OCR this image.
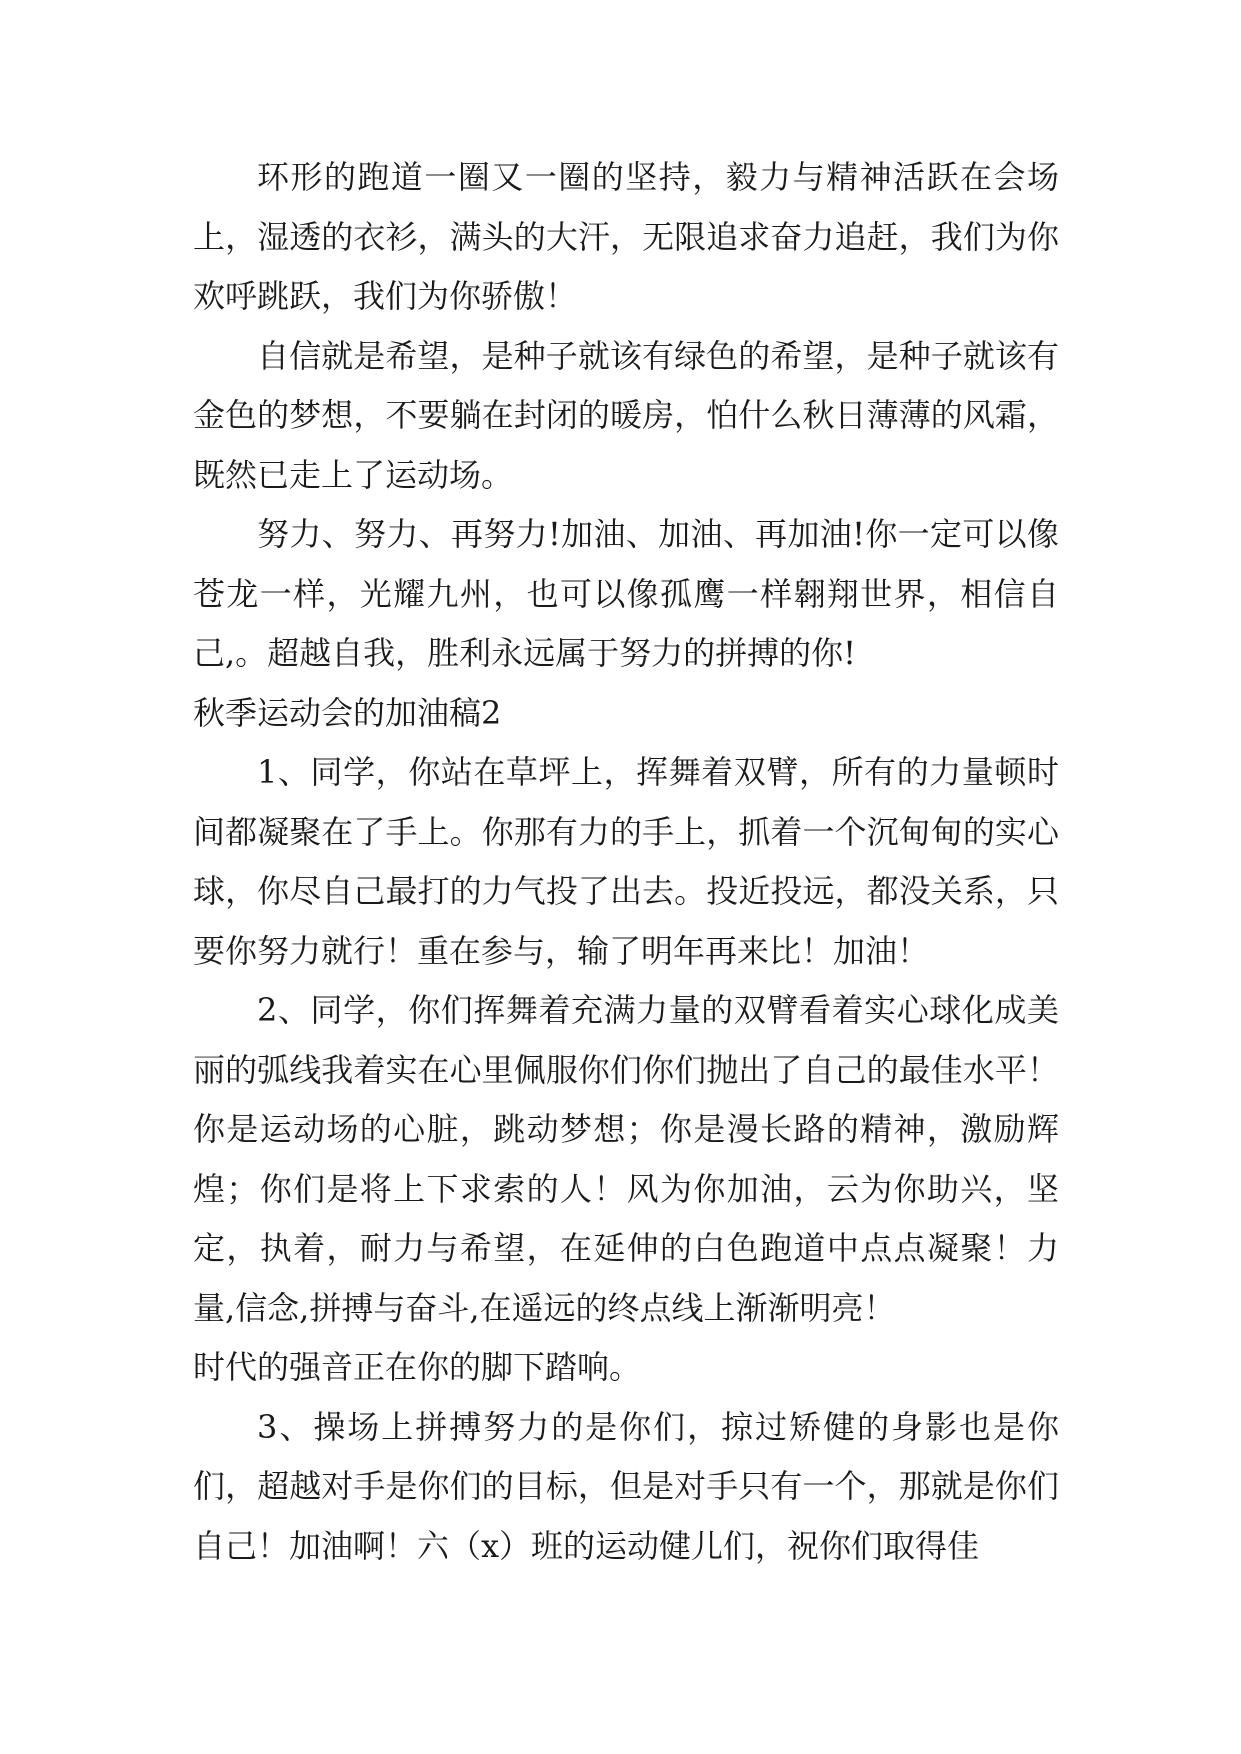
环形的跑道一圈又一圈的坚持，毅力与精神活跃在会场上，湿透的衣衫，满头的大汗，无限追求奋力追赶，我们为你欢呼跳跃，我们为你骄傲！

自信就是希望，是种子就该有绿色的希望，是种子就该有金色的梦想，不要躺在封闭的暖房，怕什么秋日薄薄的风霜，既然已走上了运动场。

努力、努力、再努力!加油、加油、再加油!你一定可以像苍龙一样，光耀九州，也可以像孤鹰一样翱翔世界，相信自己,。超越自我，胜利永远属于努力的拼搏的你!

秋季运动会的加油稿2

1、同学，你站在草坪上，挥舞着双臂，所有的力量顿时间都凝聚在了手上。你那有力的手上，抓着一个沉甸甸的实心球，你尽自己最打的力气投了出去。投近投远，都没关系，只要你努力就行！重在参与，输了明年再来比！加油！

2、同学，你们挥舞着充满力量的双臂看着实心球化成美丽的弧线我着实在心里佩服你们你们抛出了自己的最佳水平！你是运动场的心脏，跳动梦想；你是漫长路的精神，激励辉煌；你们是将上下求索的人！风为你加油，云为你助兴，坚定，执着，耐力与希望，在延伸的白色跑道中点点凝聚！力量,信念,拼搏与奋斗,在遥远的终点线上渐渐明亮！

时代的强音正在你的脚下踏响。

3、操场上拼搏努力的是你们，掠过矫健的身影也是你们，超越对手是你们的目标，但是对手只有一个，那就是你们自己！加油啊！六（x）班的运动健儿们，祝你们取得佳
